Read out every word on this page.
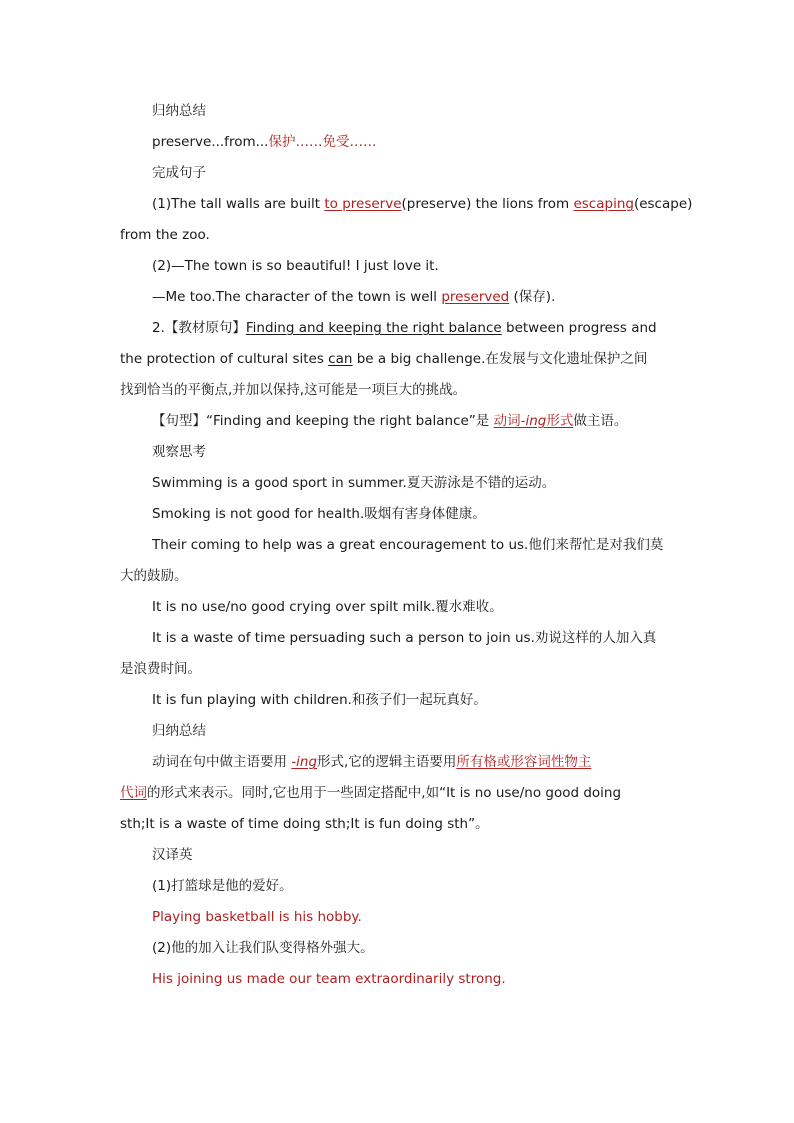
归纳总结
preserve...from...保护……免受……
完成句子
(1)The tall walls are built to preserve(preserve) the lions from escaping(escape)
from the zoo.
(2)—The town is so beautiful! I just love it.
—Me too.The character of the town is well preserved (保存).
2.【教材原句】Finding and keeping the right balance between progress and
the protection of cultural sites can be a big challenge.在发展与文化遗址保护之间
找到恰当的平衡点,并加以保持,这可能是一项巨大的挑战。
【句型】“Finding and keeping the right balance”是 动词-ing形式做主语。
观察思考
Swimming is a good sport in summer.夏天游泳是不错的运动。
Smoking is not good for health.吸烟有害身体健康。
Their coming to help was a great encouragement to us.他们来帮忙是对我们莫
大的鼓励。
It is no use/no good crying over spilt milk.覆水难收。
It is a waste of time persuading such a person to join us.劝说这样的人加入真
是浪费时间。
It is fun playing with children.和孩子们一起玩真好。
归纳总结
动词在句中做主语要用 -ing形式,它的逻辑主语要用所有格或形容词性物主
代词的形式来表示。同时,它也用于一些固定搭配中,如“It is no use/no good doing
sth;It is a waste of time doing sth;It is fun doing sth”。
汉译英
(1)打篮球是他的爱好。
Playing basketball is his hobby.
(2)他的加入让我们队变得格外强大。
His joining us made our team extraordinarily strong.
